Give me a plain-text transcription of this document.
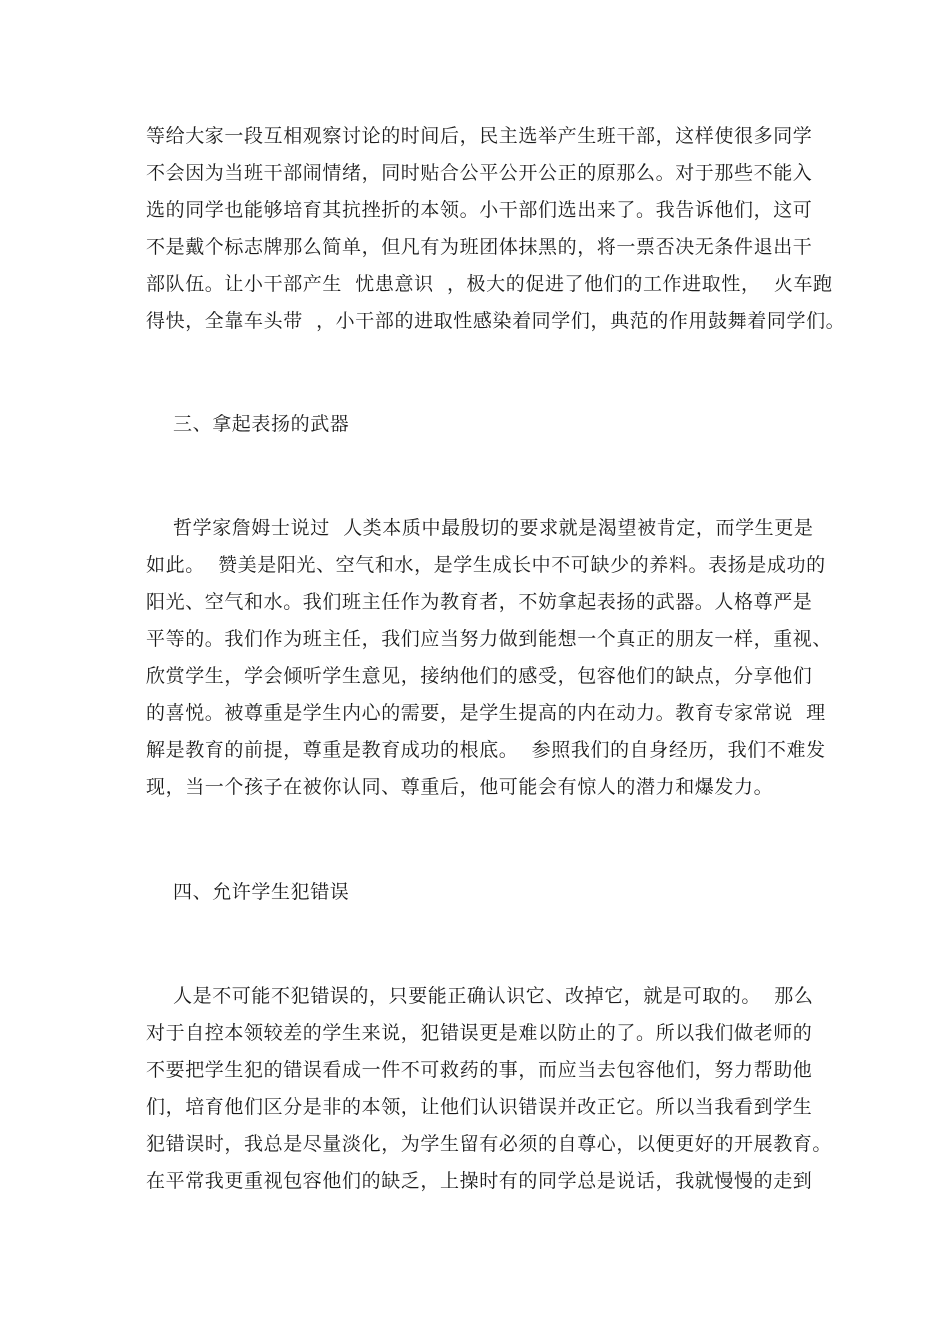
等给大家一段互相观察讨论的时间后，民主选举产生班干部，这样使很多同学
不会因为当班干部闹情绪，同时贴合公平公开公正的原那么。对于那些不能入
选的同学也能够培育其抗挫折的本领。小干部们选出来了。我告诉他们，这可
不是戴个标志牌那么简单，但凡有为班团体抹黑的，将一票否决无条件退出干
部队伍。让小干部产生  忧患意识  ，极大的促进了他们的工作进取性，  火车跑
得快，全靠车头带  ，小干部的进取性感染着同学们，典范的作用鼓舞着同学们。
三、拿起表扬的武器
哲学家詹姆士说过  人类本质中最殷切的要求就是渴望被肯定，而学生更是
如此。  赞美是阳光、空气和水，是学生成长中不可缺少的养料。表扬是成功的
阳光、空气和水。我们班主任作为教育者，不妨拿起表扬的武器。人格尊严是
平等的。我们作为班主任，我们应当努力做到能想一个真正的朋友一样，重视、
欣赏学生，学会倾听学生意见，接纳他们的感受，包容他们的缺点，分享他们
的喜悦。被尊重是学生内心的需要，是学生提高的内在动力。教育专家常说  理
解是教育的前提，尊重是教育成功的根底。  参照我们的自身经历，我们不难发
现，当一个孩子在被你认同、尊重后，他可能会有惊人的潜力和爆发力。
四、允许学生犯错误
人是不可能不犯错误的，只要能正确认识它、改掉它，就是可取的。  那么
对于自控本领较差的学生来说，犯错误更是难以防止的了。所以我们做老师的
不要把学生犯的错误看成一件不可救药的事，而应当去包容他们，努力帮助他
们，培育他们区分是非的本领，让他们认识错误并改正它。所以当我看到学生
犯错误时，我总是尽量淡化，为学生留有必须的自尊心，以便更好的开展教育。
在平常我更重视包容他们的缺乏，上操时有的同学总是说话，我就慢慢的走到
